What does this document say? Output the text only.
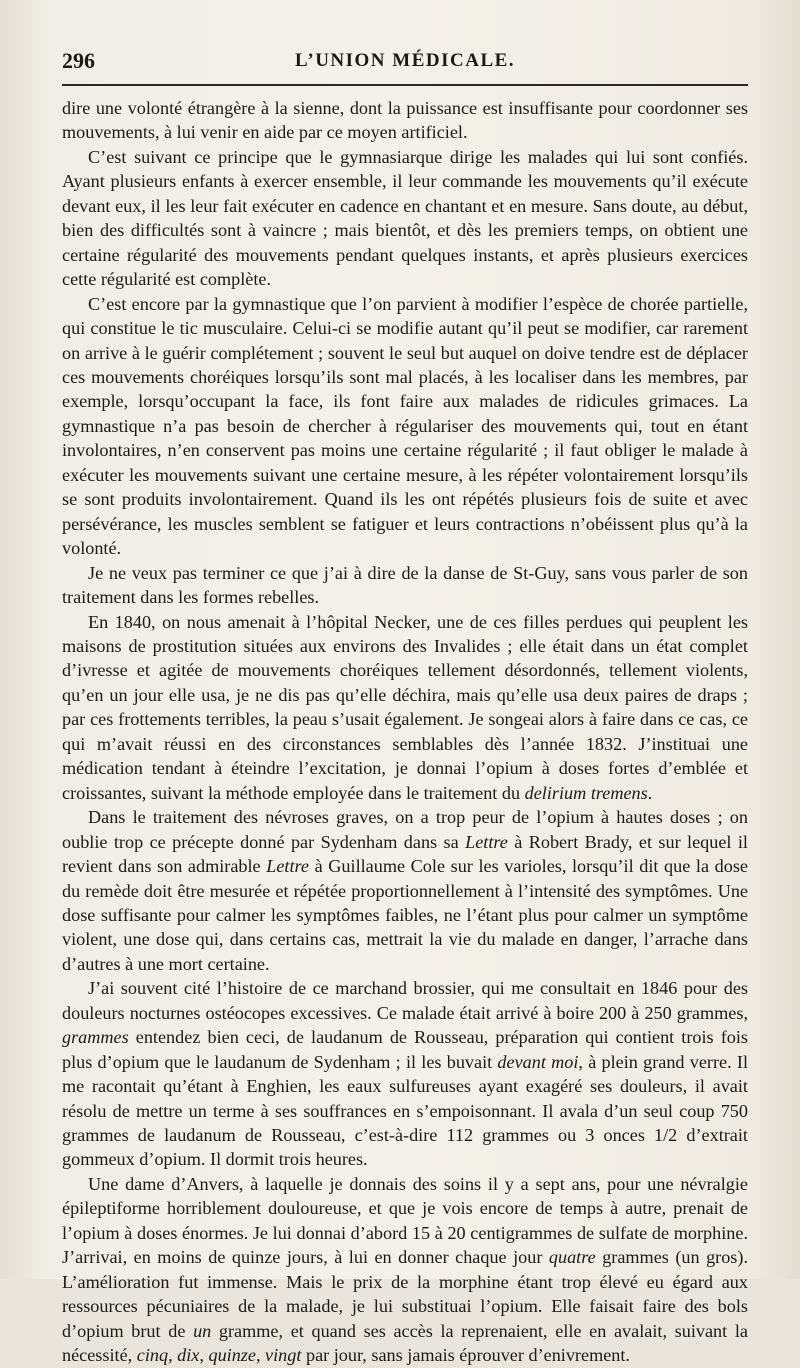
296	L’UNION MÉDICALE.

dire une volonté étrangère à la sienne, dont la puissance est insuffisante pour coordonner ses mouvements, à lui venir en aide par ce moyen artificiel.

C’est suivant ce principe que le gymnasiarque dirige les malades qui lui sont confiés. Ayant plusieurs enfants à exercer ensemble, il leur commande les mouvements qu’il exécute devant eux, il les leur fait exécuter en cadence en chantant et en mesure. Sans doute, au début, bien des difficultés sont à vaincre ; mais bientôt, et dès les premiers temps, on obtient une certaine régularité des mouvements pendant quelques instants, et après plusieurs exercices cette régularité est complète.

C’est encore par la gymnastique que l’on parvient à modifier l’espèce de chorée partielle, qui constitue le tic musculaire. Celui-ci se modifie autant qu’il peut se modifier, car rarement on arrive à le guérir complétement ; souvent le seul but auquel on doive tendre est de déplacer ces mouvements choréiques lorsqu’ils sont mal placés, à les localiser dans les membres, par exemple, lorsqu’occupant la face, ils font faire aux malades de ridicules grimaces. La gymnastique n’a pas besoin de chercher à régulariser des mouvements qui, tout en étant involontaires, n’en conservent pas moins une certaine régularité ; il faut obliger le malade à exécuter les mouvements suivant une certaine mesure, à les répéter volontairement lorsqu’ils se sont produits involontairement. Quand ils les ont répétés plusieurs fois de suite et avec persévérance, les muscles semblent se fatiguer et leurs contractions n’obéissent plus qu’à la volonté.

Je ne veux pas terminer ce que j’ai à dire de la danse de St-Guy, sans vous parler de son traitement dans les formes rebelles.

En 1840, on nous amenait à l’hôpital Necker, une de ces filles perdues qui peuplent les maisons de prostitution situées aux environs des Invalides ; elle était dans un état complet d’ivresse et agitée de mouvements choréiques tellement désordonnés, tellement violents, qu’en un jour elle usa, je ne dis pas qu’elle déchira, mais qu’elle usa deux paires de draps ; par ces frottements terribles, la peau s’usait également. Je songeai alors à faire dans ce cas, ce qui m’avait réussi en des circonstances semblables dès l’année 1832. J’instituai une médication tendant à éteindre l’excitation, je donnai l’opium à doses fortes d’emblée et croissantes, suivant la méthode employée dans le traitement du delirium tremens.

Dans le traitement des névroses graves, on a trop peur de l’opium à hautes doses ; on oublie trop ce précepte donné par Sydenham dans sa Lettre à Robert Brady, et sur lequel il revient dans son admirable Lettre à Guillaume Cole sur les varioles, lorsqu’il dit que la dose du remède doit être mesurée et répétée proportionnellement à l’intensité des symptômes. Une dose suffisante pour calmer les symptômes faibles, ne l’étant plus pour calmer un symptôme violent, une dose qui, dans certains cas, mettrait la vie du malade en danger, l’arrache dans d’autres à une mort certaine.

J’ai souvent cité l’histoire de ce marchand brossier, qui me consultait en 1846 pour des douleurs nocturnes ostéocopes excessives. Ce malade était arrivé à boire 200 à 250 grammes, grammes entendez bien ceci, de laudanum de Rousseau, préparation qui contient trois fois plus d’opium que le laudanum de Sydenham ; il les buvait devant moi, à plein grand verre. Il me racontait qu’étant à Enghien, les eaux sulfureuses ayant exagéré ses douleurs, il avait résolu de mettre un terme à ses souffrances en s’empoisonnant. Il avala d’un seul coup 750 grammes de laudanum de Rousseau, c’est-à-dire 112 grammes ou 3 onces 1/2 d’extrait gommeux d’opium. Il dormit trois heures.

Une dame d’Anvers, à laquelle je donnais des soins il y a sept ans, pour une névralgie épileptiforme horriblement douloureuse, et que je vois encore de temps à autre, prenait de l’opium à doses énormes. Je lui donnai d’abord 15 à 20 centigrammes de sulfate de morphine. J’arrivai, en moins de quinze jours, à lui en donner chaque jour quatre grammes (un gros). L’amélioration fut immense. Mais le prix de la morphine étant trop élevé eu égard aux ressources pécuniaires de la malade, je lui substituai l’opium. Elle faisait faire des bols d’opium brut de un gramme, et quand ses accès la reprenaient, elle en avalait, suivant la nécessité, cinq, dix, quinze, vingt par jour, sans jamais éprouver d’enivrement.
